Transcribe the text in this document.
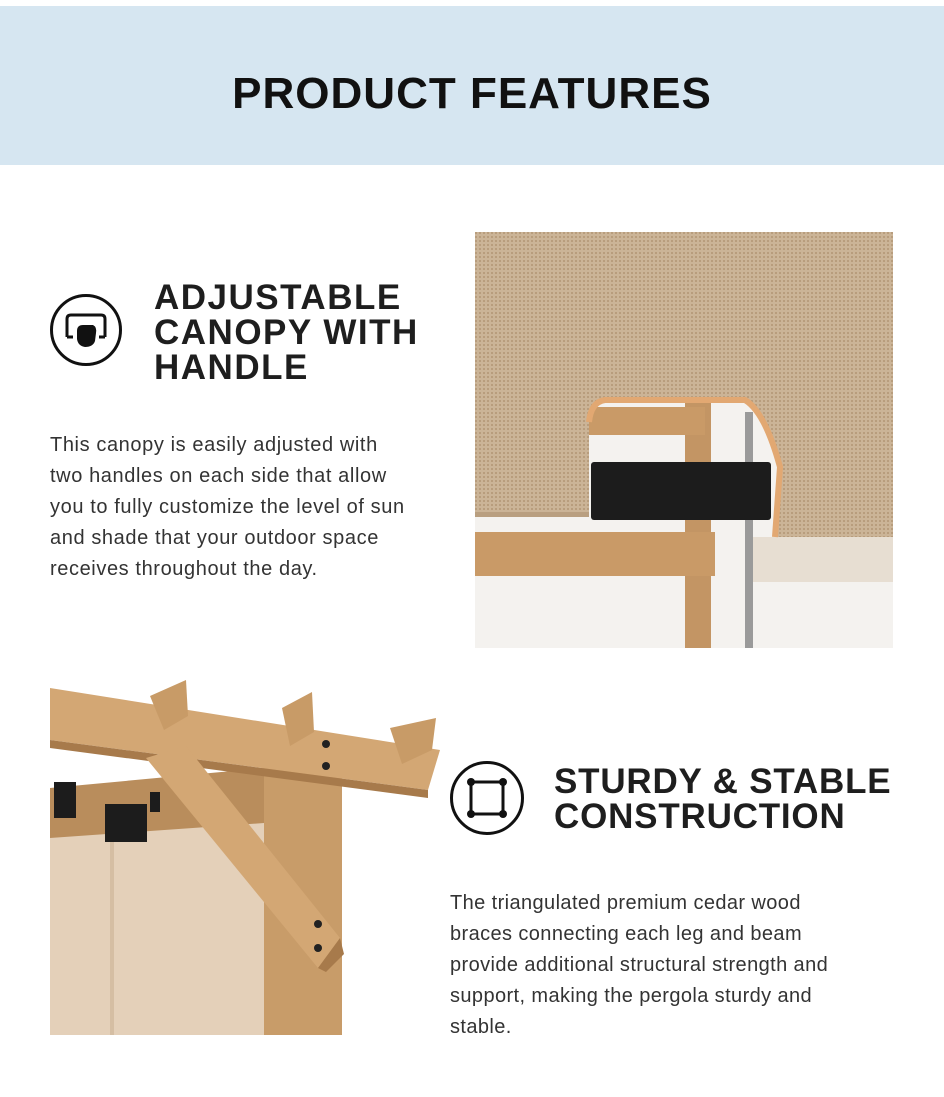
PRODUCT FEATURES
ADJUSTABLE
CANOPY WITH
HANDLE

This canopy is easily adjusted with
two handles on each side that allow
you to fully customize the level of sun
and shade that your outdoor space
receives throughout the day.

STURDY & STABLE
CONSTRUCTION

The triangulated premium cedar wood
braces connecting each leg and beam
provide additional structural strength and
support, making the pergola sturdy and
stable.
